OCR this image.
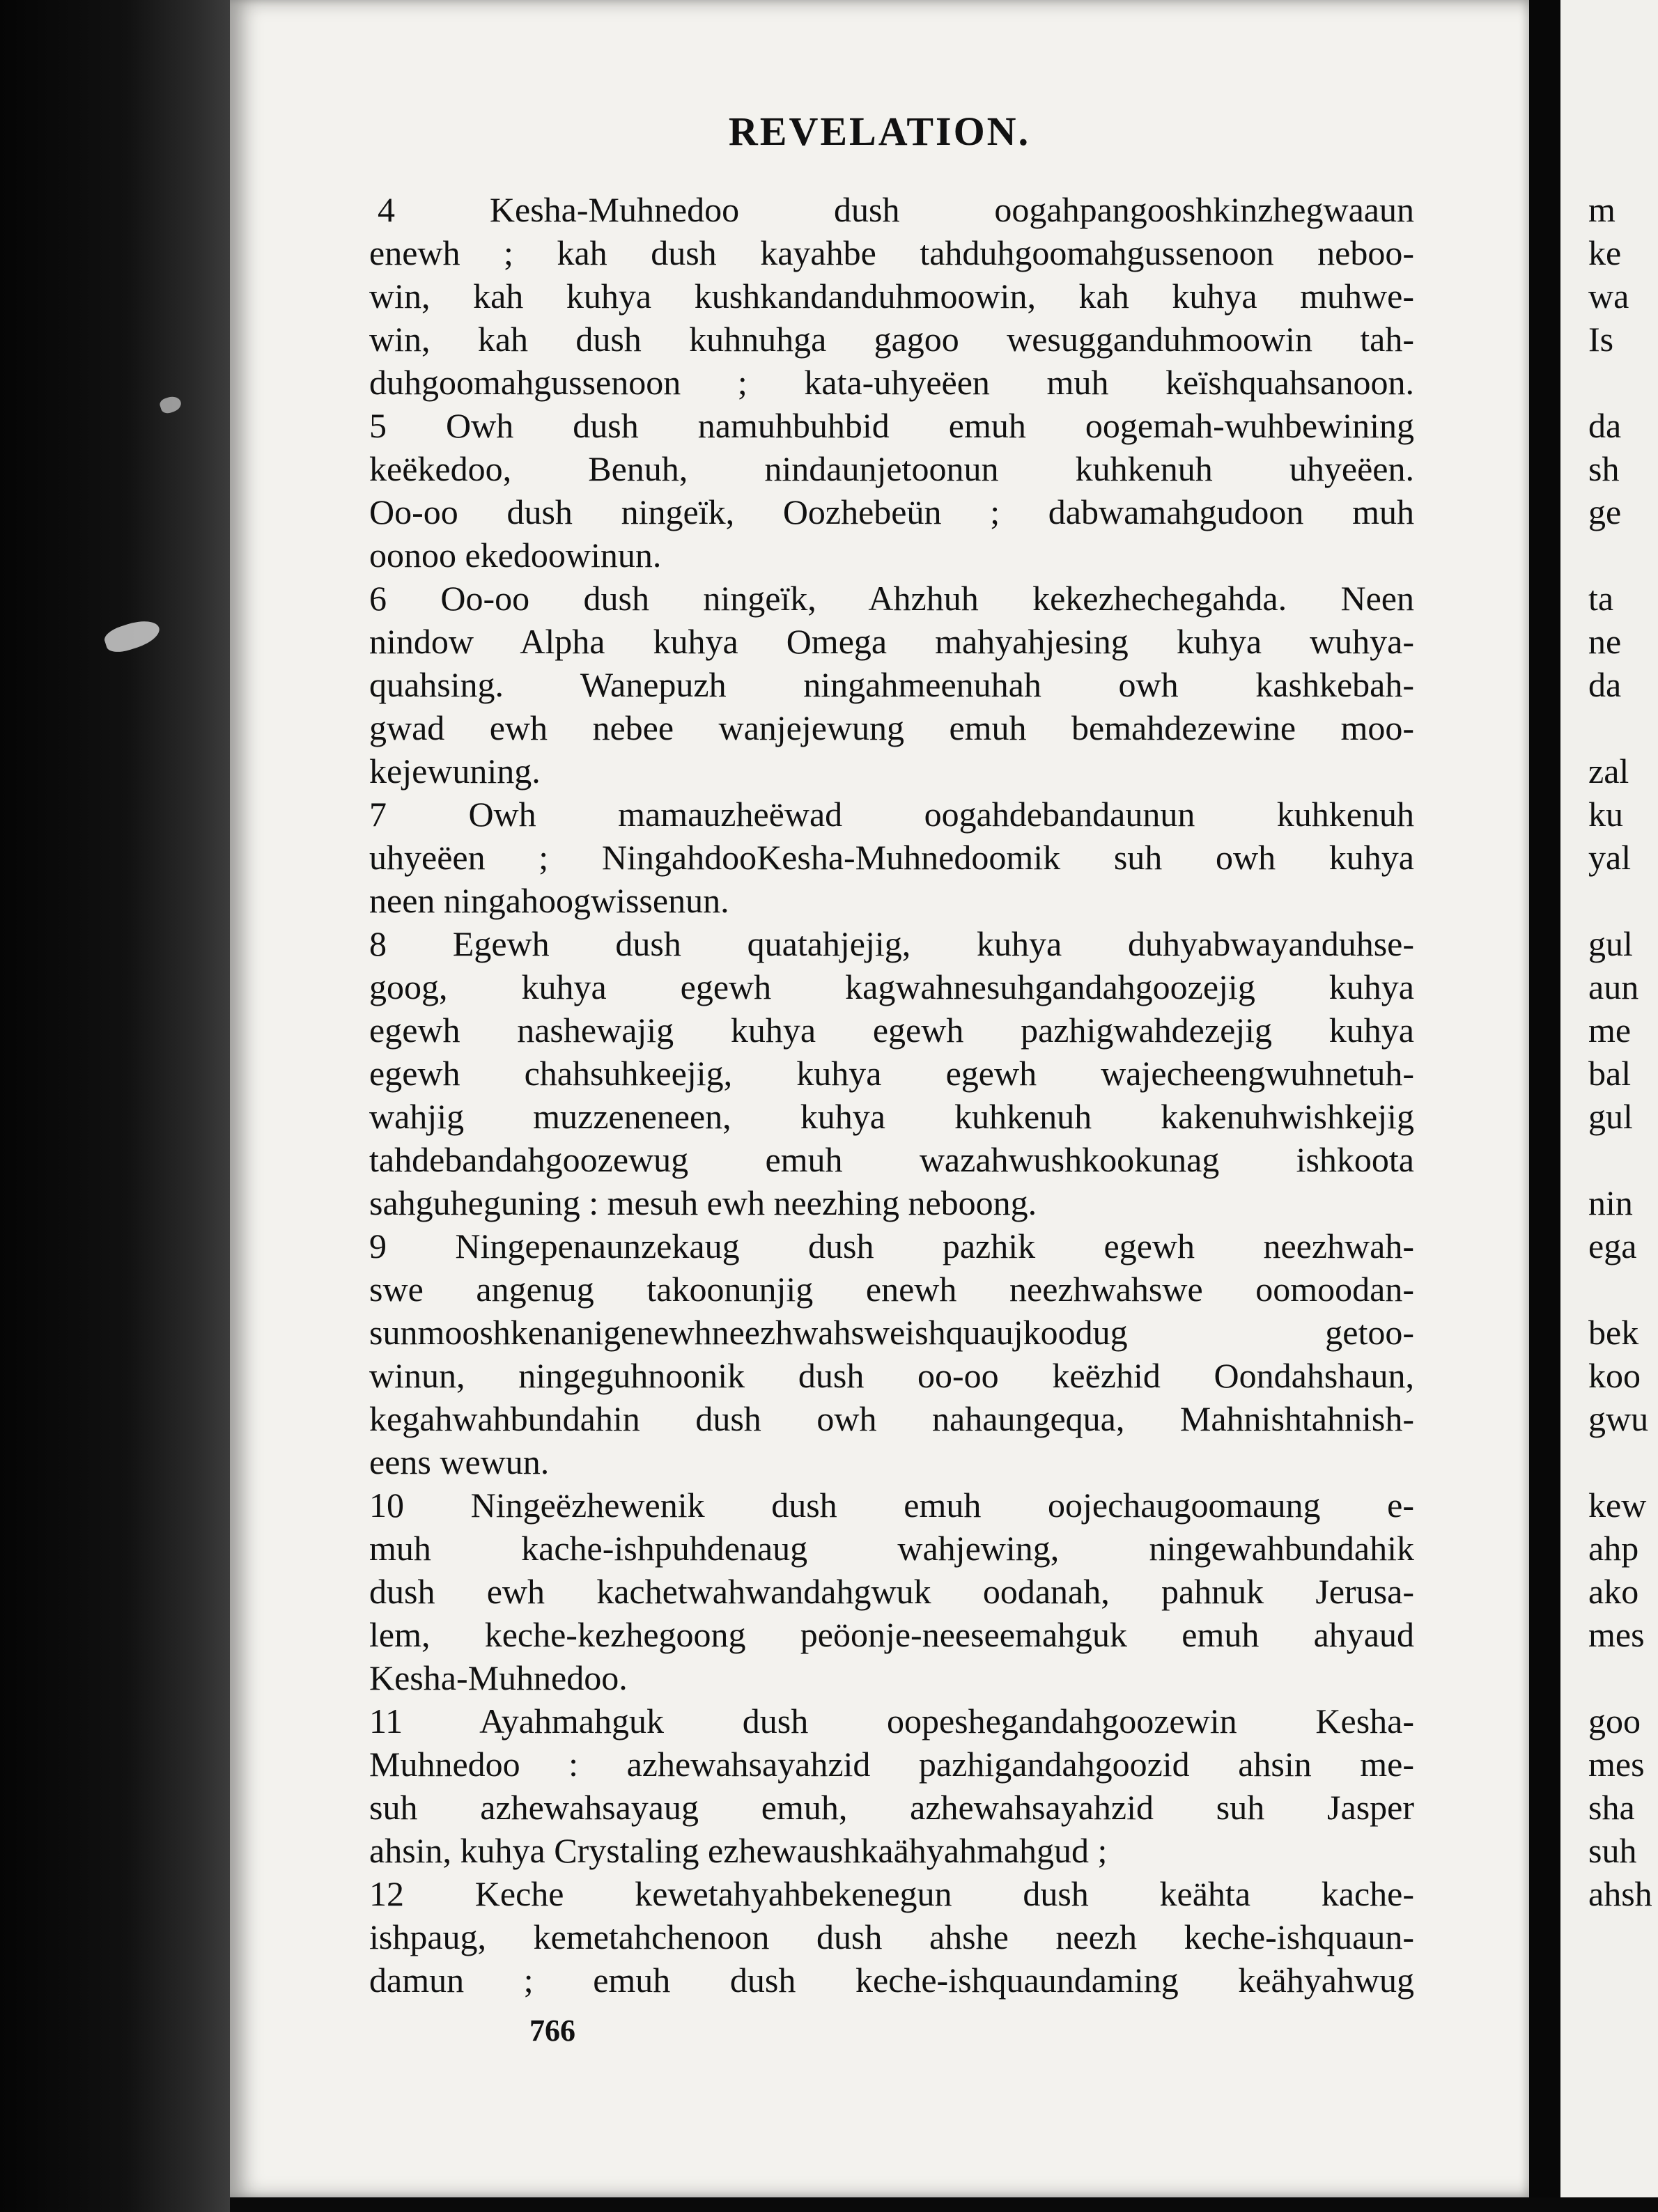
REVELATION.
4 Kesha-Muhnedoo dush oogahpangooshkinzhegwaaun
enewh ; kah dush kayahbe tahduhgoomahgussenoon neboo-
win, kah kuhya kushkandanduhmoowin, kah kuhya muhwe-
win, kah dush kuhnuhga gagoo wesugganduhmoowin tah-
duhgoomahgussenoon ; kata-uhyeëen muh keïshquahsanoon.
5 Owh dush namuhbuhbid emuh oogemah-wuhbewining
keëkedoo, Benuh, nindaunjetoonun kuhkenuh uhyeëen.
Oo-oo dush ningeïk, Oozhebeün ; dabwamahgudoon muh
oonoo ekedoowinun.
6 Oo-oo dush ningeïk, Ahzhuh kekezhechegahda. Neen
nindow Alpha kuhya Omega mahyahjesing kuhya wuhya-
quahsing. Wanepuzh ningahmeenuhah owh kashkebah-
gwad ewh nebee wanjejewung emuh bemahdezewine moo-
kejewuning.
7 Owh mamauzheëwad oogahdebandaunun kuhkenuh
uhyeëen ; NingahdooKesha-Muhnedoomik suh owh kuhya
neen ningahoogwissenun.
8 Egewh dush quatahjejig, kuhya duhyabwayanduhse-
goog, kuhya egewh kagwahnesuhgandahgoozejig kuhya
egewh nashewajig kuhya egewh pazhigwahdezejig kuhya
egewh chahsuhkeejig, kuhya egewh wajecheengwuhnetuh-
wahjig muzzeneneen, kuhya kuhkenuh kakenuhwishkejig
tahdebandahgoozewug emuh wazahwushkookunag ishkoota
sahguheguning : mesuh ewh neezhing neboong.
9 Ningepenaunzekaug dush pazhik egewh neezhwah-
swe angenug takoonunjig enewh neezhwahswe oomoodan-
sunmooshkenanigenewhneezhwahsweishquaujkoodug getoo-
winun, ningeguhnoonik dush oo-oo keëzhid Oondahshaun,
kegahwahbundahin dush owh nahaungequa, Mahnishtahnish-
eens wewun.
10 Ningeëzhewenik dush emuh oojechaugoomaung e-
muh kache-ishpuhdenaug wahjewing, ningewahbundahik
dush ewh kachetwahwandahgwuk oodanah, pahnuk Jerusa-
lem, keche-kezhegoong peöonje-neeseemahguk emuh ahyaud
Kesha-Muhnedoo.
11 Ayahmahguk dush oopeshegandahgoozewin Kesha-
Muhnedoo : azhewahsayahzid pazhigandahgoozid ahsin me-
suh azhewahsayaug emuh, azhewahsayahzid suh Jasper
ahsin, kuhya Crystaling ezhewaushkaähyahmahgud ;
12 Keche kewetahyahbekenegun dush keähta kache-
ishpaug, kemetahchenoon dush ahshe neezh keche-ishquaun-
damun ; emuh dush keche-ishquaundaming keähyahwug
766
m
ke
wa
Is
da
sh
ge
ta
ne
da
zal
ku
yal
gul
aun
me
bal
gul
nin
ega
bek
koo
gwu
kew
ahp
ako
mes
goo
mes
sha
suh
ahsh
